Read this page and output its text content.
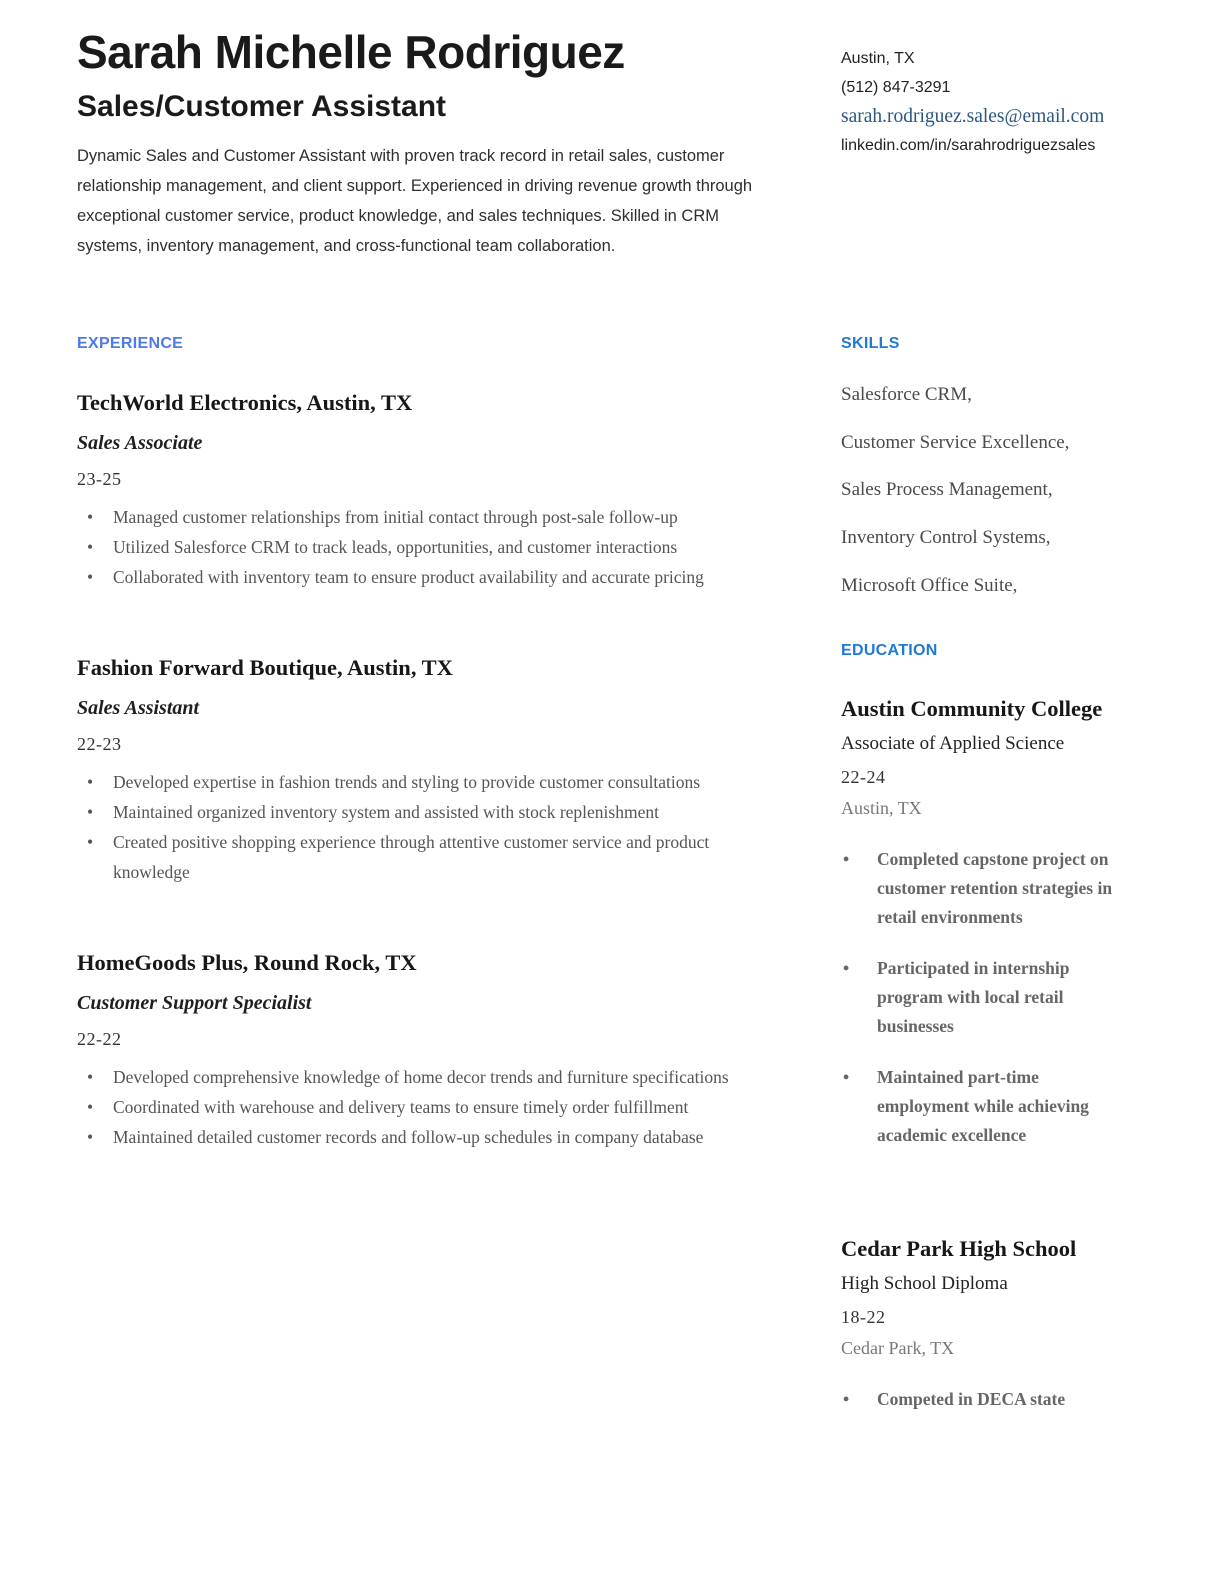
Sarah Michelle Rodriguez
Sales/Customer Assistant

Dynamic Sales and Customer Assistant with proven track record in retail sales, customer relationship management, and client support. Experienced in driving revenue growth through exceptional customer service, product knowledge, and sales techniques. Skilled in CRM systems, inventory management, and cross-functional team collaboration.

Austin, TX
(512) 847-3291
sarah.rodriguez.sales@email.com
linkedin.com/in/sarahrodriguezsales
EXPERIENCE
TechWorld Electronics, Austin, TX
Sales Associate
23-25
• Managed customer relationships from initial contact through post-sale follow-up
• Utilized Salesforce CRM to track leads, opportunities, and customer interactions
• Collaborated with inventory team to ensure product availability and accurate pricing
Fashion Forward Boutique, Austin, TX
Sales Assistant
22-23
• Developed expertise in fashion trends and styling to provide customer consultations
• Maintained organized inventory system and assisted with stock replenishment
• Created positive shopping experience through attentive customer service and product knowledge
HomeGoods Plus, Round Rock, TX
Customer Support Specialist
22-22
• Developed comprehensive knowledge of home decor trends and furniture specifications
• Coordinated with warehouse and delivery teams to ensure timely order fulfillment
• Maintained detailed customer records and follow-up schedules in company database
SKILLS
Salesforce CRM,
Customer Service Excellence,
Sales Process Management,
Inventory Control Systems,
Microsoft Office Suite,
EDUCATION
Austin Community College
Associate of Applied Science
22-24
Austin, TX
• Completed capstone project on customer retention strategies in retail environments
• Participated in internship program with local retail businesses
• Maintained part-time employment while achieving academic excellence
Cedar Park High School
High School Diploma
18-22
Cedar Park, TX
• Competed in DECA state
